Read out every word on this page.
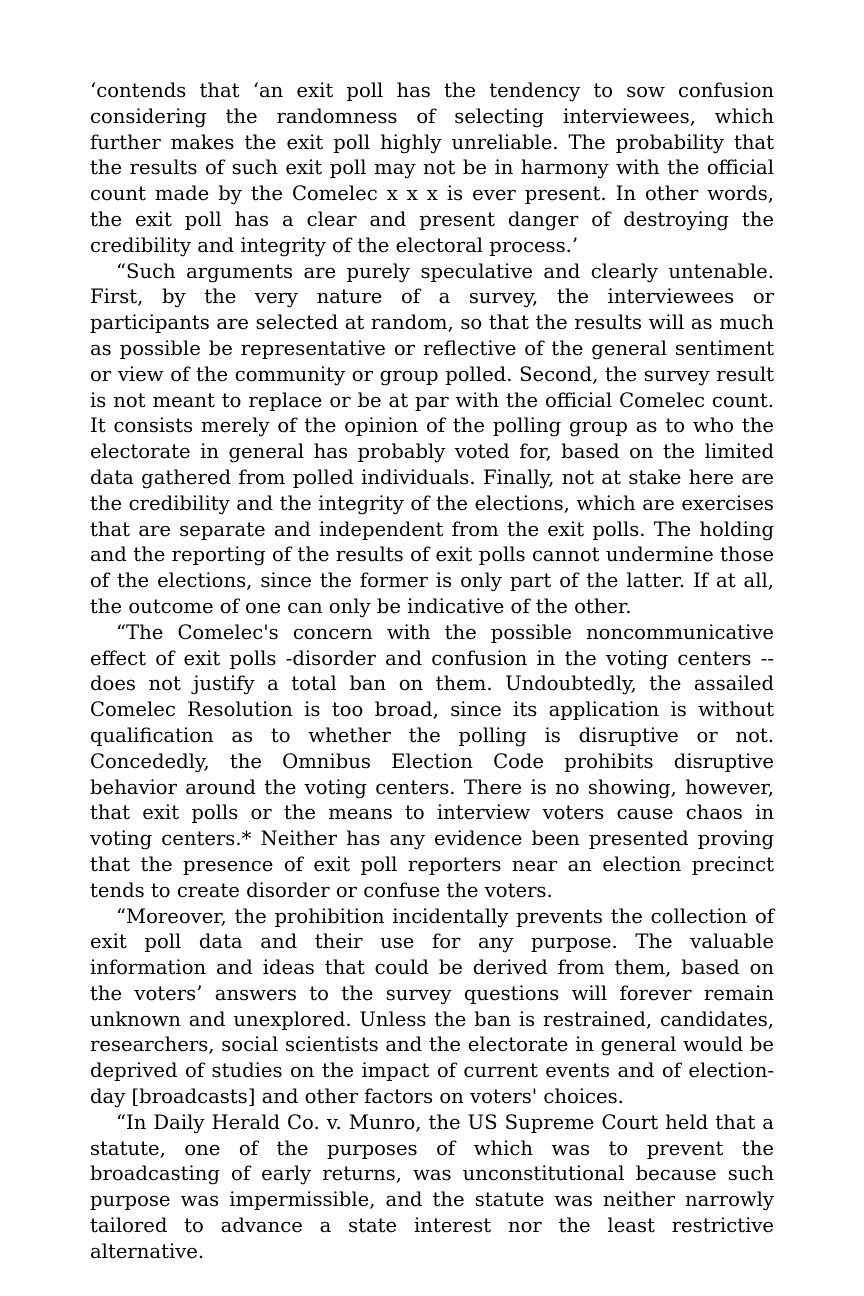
‘contends that ‘an exit poll has the tendency to sow confusion considering the randomness of selecting interviewees, which further makes the exit poll highly unreliable. The probability that the results of such exit poll may not be in harmony with the official count made by the Comelec x x x is ever present. In other words, the exit poll has a clear and present danger of destroying the credibility and integrity of the electoral process.’

“Such arguments are purely speculative and clearly untenable. First, by the very nature of a survey, the interviewees or participants are selected at random, so that the results will as much as possible be representative or reflective of the general sentiment or view of the community or group polled. Second, the survey result is not meant to replace or be at par with the official Comelec count. It consists merely of the opinion of the polling group as to who the electorate in general has probably voted for, based on the limited data gathered from polled individuals. Finally, not at stake here are the credibility and the integrity of the elections, which are exercises that are separate and independent from the exit polls. The holding and the reporting of the results of exit polls cannot undermine those of the elections, since the former is only part of the latter. If at all, the outcome of one can only be indicative of the other.

“The Comelec's concern with the possible noncommunicative effect of exit polls -disorder and confusion in the voting centers -- does not justify a total ban on them. Undoubtedly, the assailed Comelec Resolution is too broad, since its application is without qualification as to whether the polling is disruptive or not. Concededly, the Omnibus Election Code prohibits disruptive behavior around the voting centers. There is no showing, however, that exit polls or the means to interview voters cause chaos in voting centers.* Neither has any evidence been presented proving that the presence of exit poll reporters near an election precinct tends to create disorder or confuse the voters.

“Moreover, the prohibition incidentally prevents the collection of exit poll data and their use for any purpose. The valuable information and ideas that could be derived from them, based on the voters’ answers to the survey questions will forever remain unknown and unexplored. Unless the ban is restrained, candidates, researchers, social scientists and the electorate in general would be deprived of studies on the impact of current events and of election-day [broadcasts] and other factors on voters' choices.

“In Daily Herald Co. v. Munro, the US Supreme Court held that a statute, one of the purposes of which was to prevent the broadcasting of early returns, was unconstitutional because such purpose was impermissible, and the statute was neither narrowly tailored to advance a state interest nor the least restrictive alternative.
